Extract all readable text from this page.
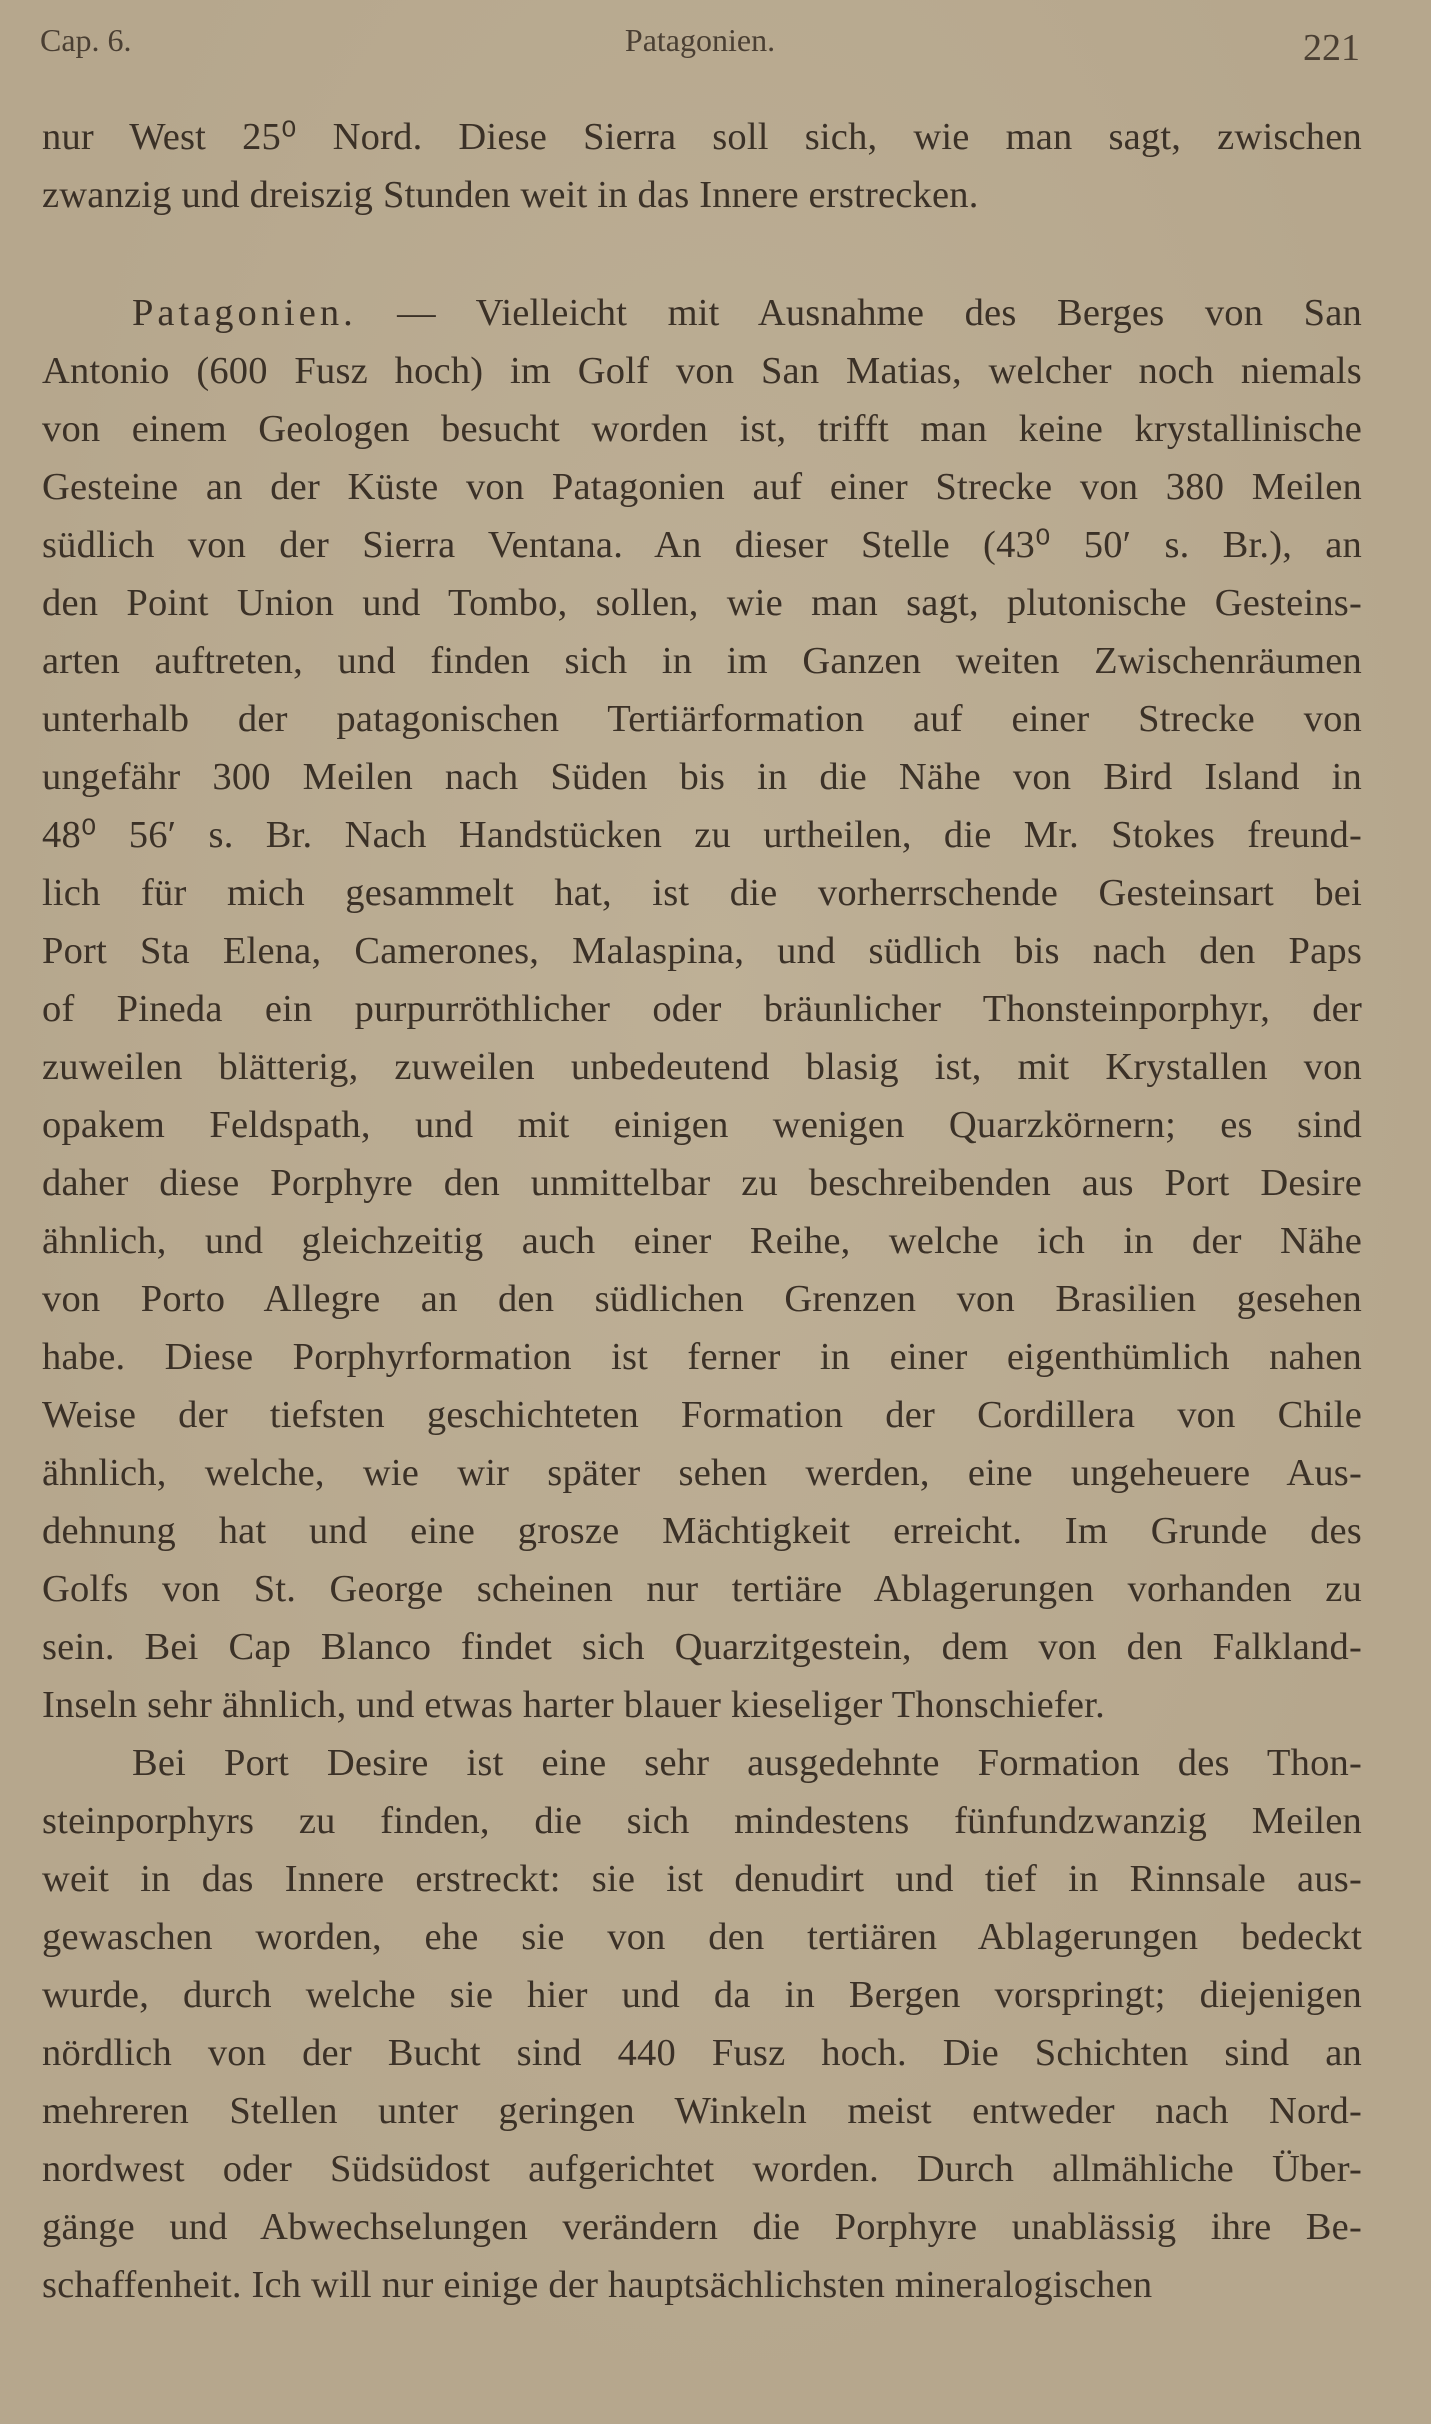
Cap. 6.	Patagonien.	221
nur West 25⁰ Nord. Diese Sierra soll sich, wie man sagt, zwischen
zwanzig und dreiszig Stunden weit in das Innere erstrecken.
Patagonien. — Vielleicht mit Ausnahme des Berges von San
Antonio (600 Fusz hoch) im Golf von San Matias, welcher noch niemals
von einem Geologen besucht worden ist, trifft man keine krystallinische
Gesteine an der Küste von Patagonien auf einer Strecke von 380 Meilen
südlich von der Sierra Ventana. An dieser Stelle (43⁰ 50′ s. Br.), an
den Point Union und Tombo, sollen, wie man sagt, plutonische Gesteins-
arten auftreten, und finden sich in im Ganzen weiten Zwischenräumen
unterhalb der patagonischen Tertiärformation auf einer Strecke von
ungefähr 300 Meilen nach Süden bis in die Nähe von Bird Island in
48⁰ 56′ s. Br. Nach Handstücken zu urtheilen, die Mr. Stokes freund-
lich für mich gesammelt hat, ist die vorherrschende Gesteinsart bei
Port Sta Elena, Camerones, Malaspina, und südlich bis nach den Paps
of Pineda ein purpurröthlicher oder bräunlicher Thonsteinporphyr, der
zuweilen blätterig, zuweilen unbedeutend blasig ist, mit Krystallen von
opakem Feldspath, und mit einigen wenigen Quarzkörnern; es sind
daher diese Porphyre den unmittelbar zu beschreibenden aus Port Desire
ähnlich, und gleichzeitig auch einer Reihe, welche ich in der Nähe
von Porto Allegre an den südlichen Grenzen von Brasilien gesehen
habe. Diese Porphyrformation ist ferner in einer eigenthümlich nahen
Weise der tiefsten geschichteten Formation der Cordillera von Chile
ähnlich, welche, wie wir später sehen werden, eine ungeheuere Aus-
dehnung hat und eine grosze Mächtigkeit erreicht. Im Grunde des
Golfs von St. George scheinen nur tertiäre Ablagerungen vorhanden zu
sein. Bei Cap Blanco findet sich Quarzitgestein, dem von den Falkland-
Inseln sehr ähnlich, und etwas harter blauer kieseliger Thonschiefer.
Bei Port Desire ist eine sehr ausgedehnte Formation des Thon-
steinporphyrs zu finden, die sich mindestens fünfundzwanzig Meilen
weit in das Innere erstreckt: sie ist denudirt und tief in Rinnsale aus-
gewaschen worden, ehe sie von den tertiären Ablagerungen bedeckt
wurde, durch welche sie hier und da in Bergen vorspringt; diejenigen
nördlich von der Bucht sind 440 Fusz hoch. Die Schichten sind an
mehreren Stellen unter geringen Winkeln meist entweder nach Nord-
nordwest oder Südsüdost aufgerichtet worden. Durch allmähliche Über-
gänge und Abwechselungen verändern die Porphyre unablässig ihre Be-
schaffenheit. Ich will nur einige der hauptsächlichsten mineralogischen
